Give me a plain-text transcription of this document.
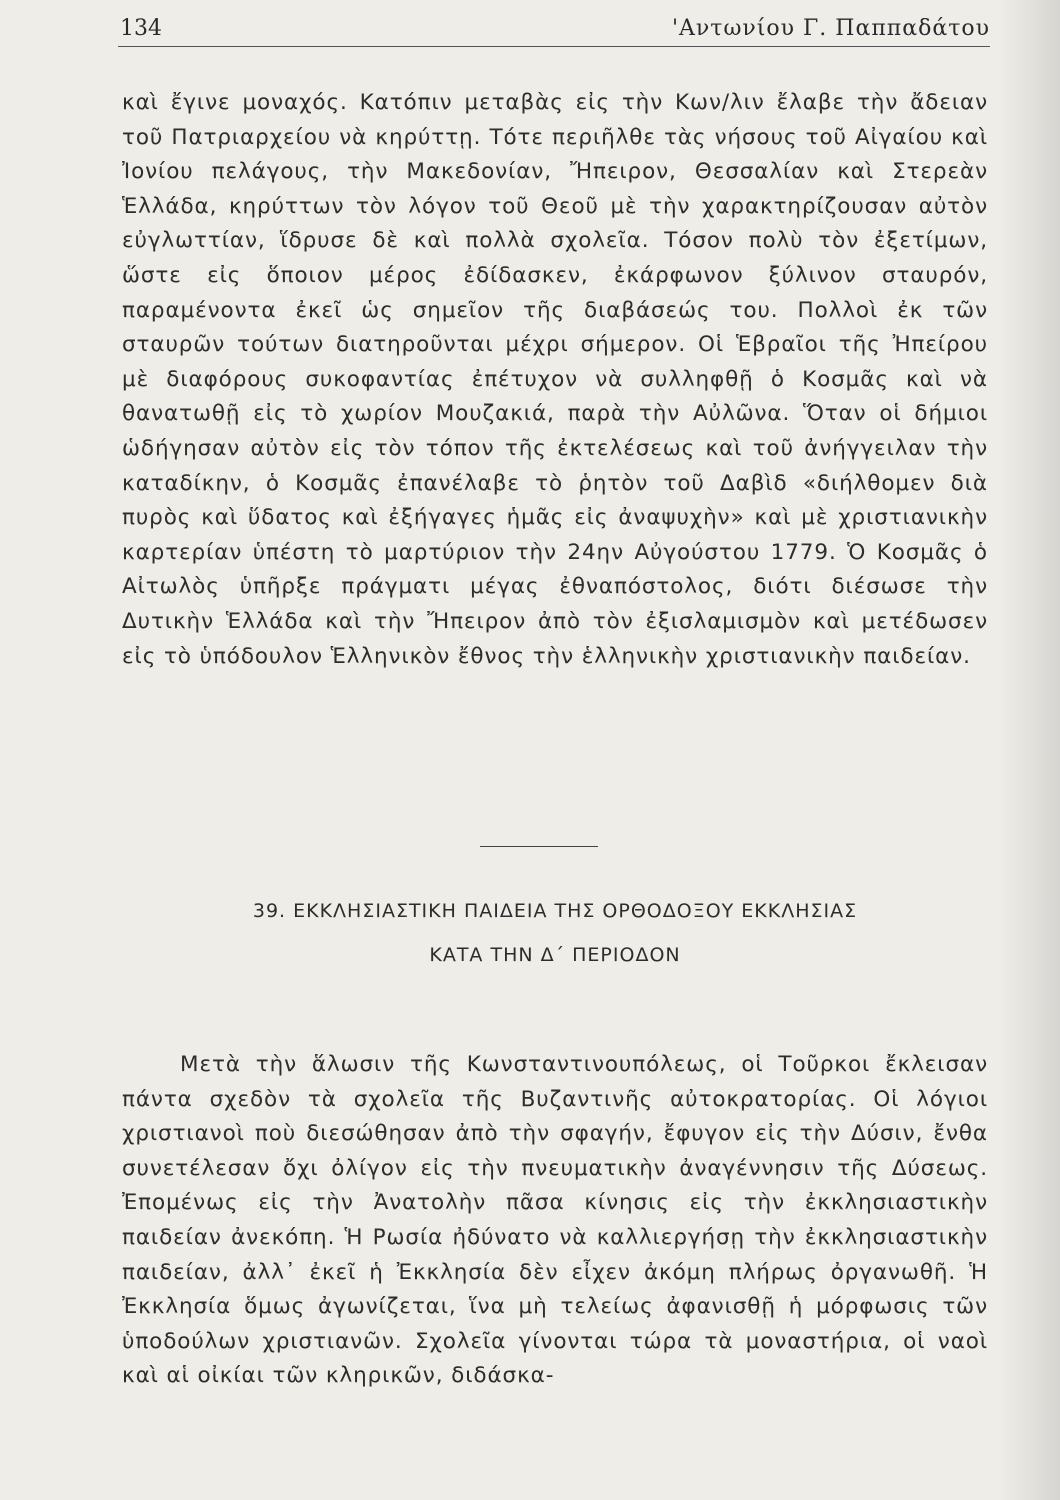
134	'Αντωνίου Γ. Παππαδάτου

καὶ ἔγινε μοναχός. Κατόπιν μεταβὰς εἰς τὴν Κων/λιν ἔλαβε τὴν ἄδειαν τοῦ Πατριαρχείου νὰ κηρύττῃ. Τότε περιῆλθε τὰς νήσους τοῦ Αἰγαίου καὶ Ἰονίου πελάγους, τὴν Μακεδονίαν, Ἤπειρον, Θεσσαλίαν καὶ Στερεὰν Ἑλλάδα, κηρύττων τὸν λόγον τοῦ Θεοῦ μὲ τὴν χαρακτηρίζουσαν αὐτὸν εὐγλωττίαν, ἵδρυσε δὲ καὶ πολλὰ σχολεῖα. Τόσον πολὺ τὸν ἐξετίμων, ὥστε εἰς ὅποιον μέρος ἐδίδασκεν, ἐκάρφωνον ξύλινον σταυρόν, παραμένοντα ἐκεῖ ὡς σημεῖον τῆς διαβάσεώς του. Πολλοὶ ἐκ τῶν σταυρῶν τούτων διατηροῦνται μέχρι σήμερον. Οἱ Ἑβραῖοι τῆς Ἠπείρου μὲ διαφόρους συκοφαντίας ἐπέτυχον νὰ συλληφθῇ ὁ Κοσμᾶς καὶ νὰ θανατωθῇ εἰς τὸ χωρίον Μουζακιά, παρὰ τὴν Αὐλῶνα. Ὅταν οἱ δήμιοι ὡδήγησαν αὐτὸν εἰς τὸν τόπον τῆς ἐκτελέσεως καὶ τοῦ ἀνήγγειλαν τὴν καταδίκην, ὁ Κοσμᾶς ἐπανέλαβε τὸ ῥητὸν τοῦ Δαβὶδ «διήλθομεν διὰ πυρὸς καὶ ὕδατος καὶ ἐξήγαγες ἡμᾶς εἰς ἀναψυχὴν» καὶ μὲ χριστιανικὴν καρτερίαν ὑπέστη τὸ μαρτύριον τὴν 24ην Αὐγούστου 1779. Ὁ Κοσμᾶς ὁ Αἰτωλὸς ὑπῆρξε πράγματι μέγας ἐθναπόστολος, διότι διέσωσε τὴν Δυτικὴν Ἑλλάδα καὶ τὴν Ἤπειρον ἀπὸ τὸν ἐξισλαμισμὸν καὶ μετέδωσεν εἰς τὸ ὑπόδουλον Ἑλληνικὸν ἔθνος τὴν ἑλληνικὴν χριστιανικὴν παιδείαν.

39. ΕΚΚΛΗΣΙΑΣΤΙΚΗ ΠΑΙΔΕΙΑ ΤΗΣ ΟΡΘΟΔΟΞΟΥ ΕΚΚΛΗΣΙΑΣ
ΚΑΤΑ ΤΗΝ Δ΄ ΠΕΡΙΟΔΟΝ

Μετὰ τὴν ἅλωσιν τῆς Κωνσταντινουπόλεως, οἱ Τοῦρκοι ἔκλεισαν πάντα σχεδὸν τὰ σχολεῖα τῆς Βυζαντινῆς αὐτοκρατορίας. Οἱ λόγιοι χριστιανοὶ ποὺ διεσώθησαν ἀπὸ τὴν σφαγήν, ἔφυγον εἰς τὴν Δύσιν, ἔνθα συνετέλεσαν ὄχι ὀλίγον εἰς τὴν πνευματικὴν ἀναγέννησιν τῆς Δύσεως. Ἐπομένως εἰς τὴν Ἀνατολὴν πᾶσα κίνησις εἰς τὴν ἐκκλησιαστικὴν παιδείαν ἀνεκόπη. Ἡ Ρωσία ἠδύνατο νὰ καλλιεργήσῃ τὴν ἐκκλησιαστικὴν παιδείαν, ἀλλ᾽ ἐκεῖ ἡ Ἐκκλησία δὲν εἶχεν ἀκόμη πλήρως ὀργανωθῆ. Ἡ Ἐκκλησία ὅμως ἀγωνίζεται, ἵνα μὴ τελείως ἀφανισθῇ ἡ μόρφωσις τῶν ὑποδούλων χριστιανῶν. Σχολεῖα γίνονται τώρα τὰ μοναστήρια, οἱ ναοὶ καὶ αἱ οἰκίαι τῶν κληρικῶν, διδάσκα-
